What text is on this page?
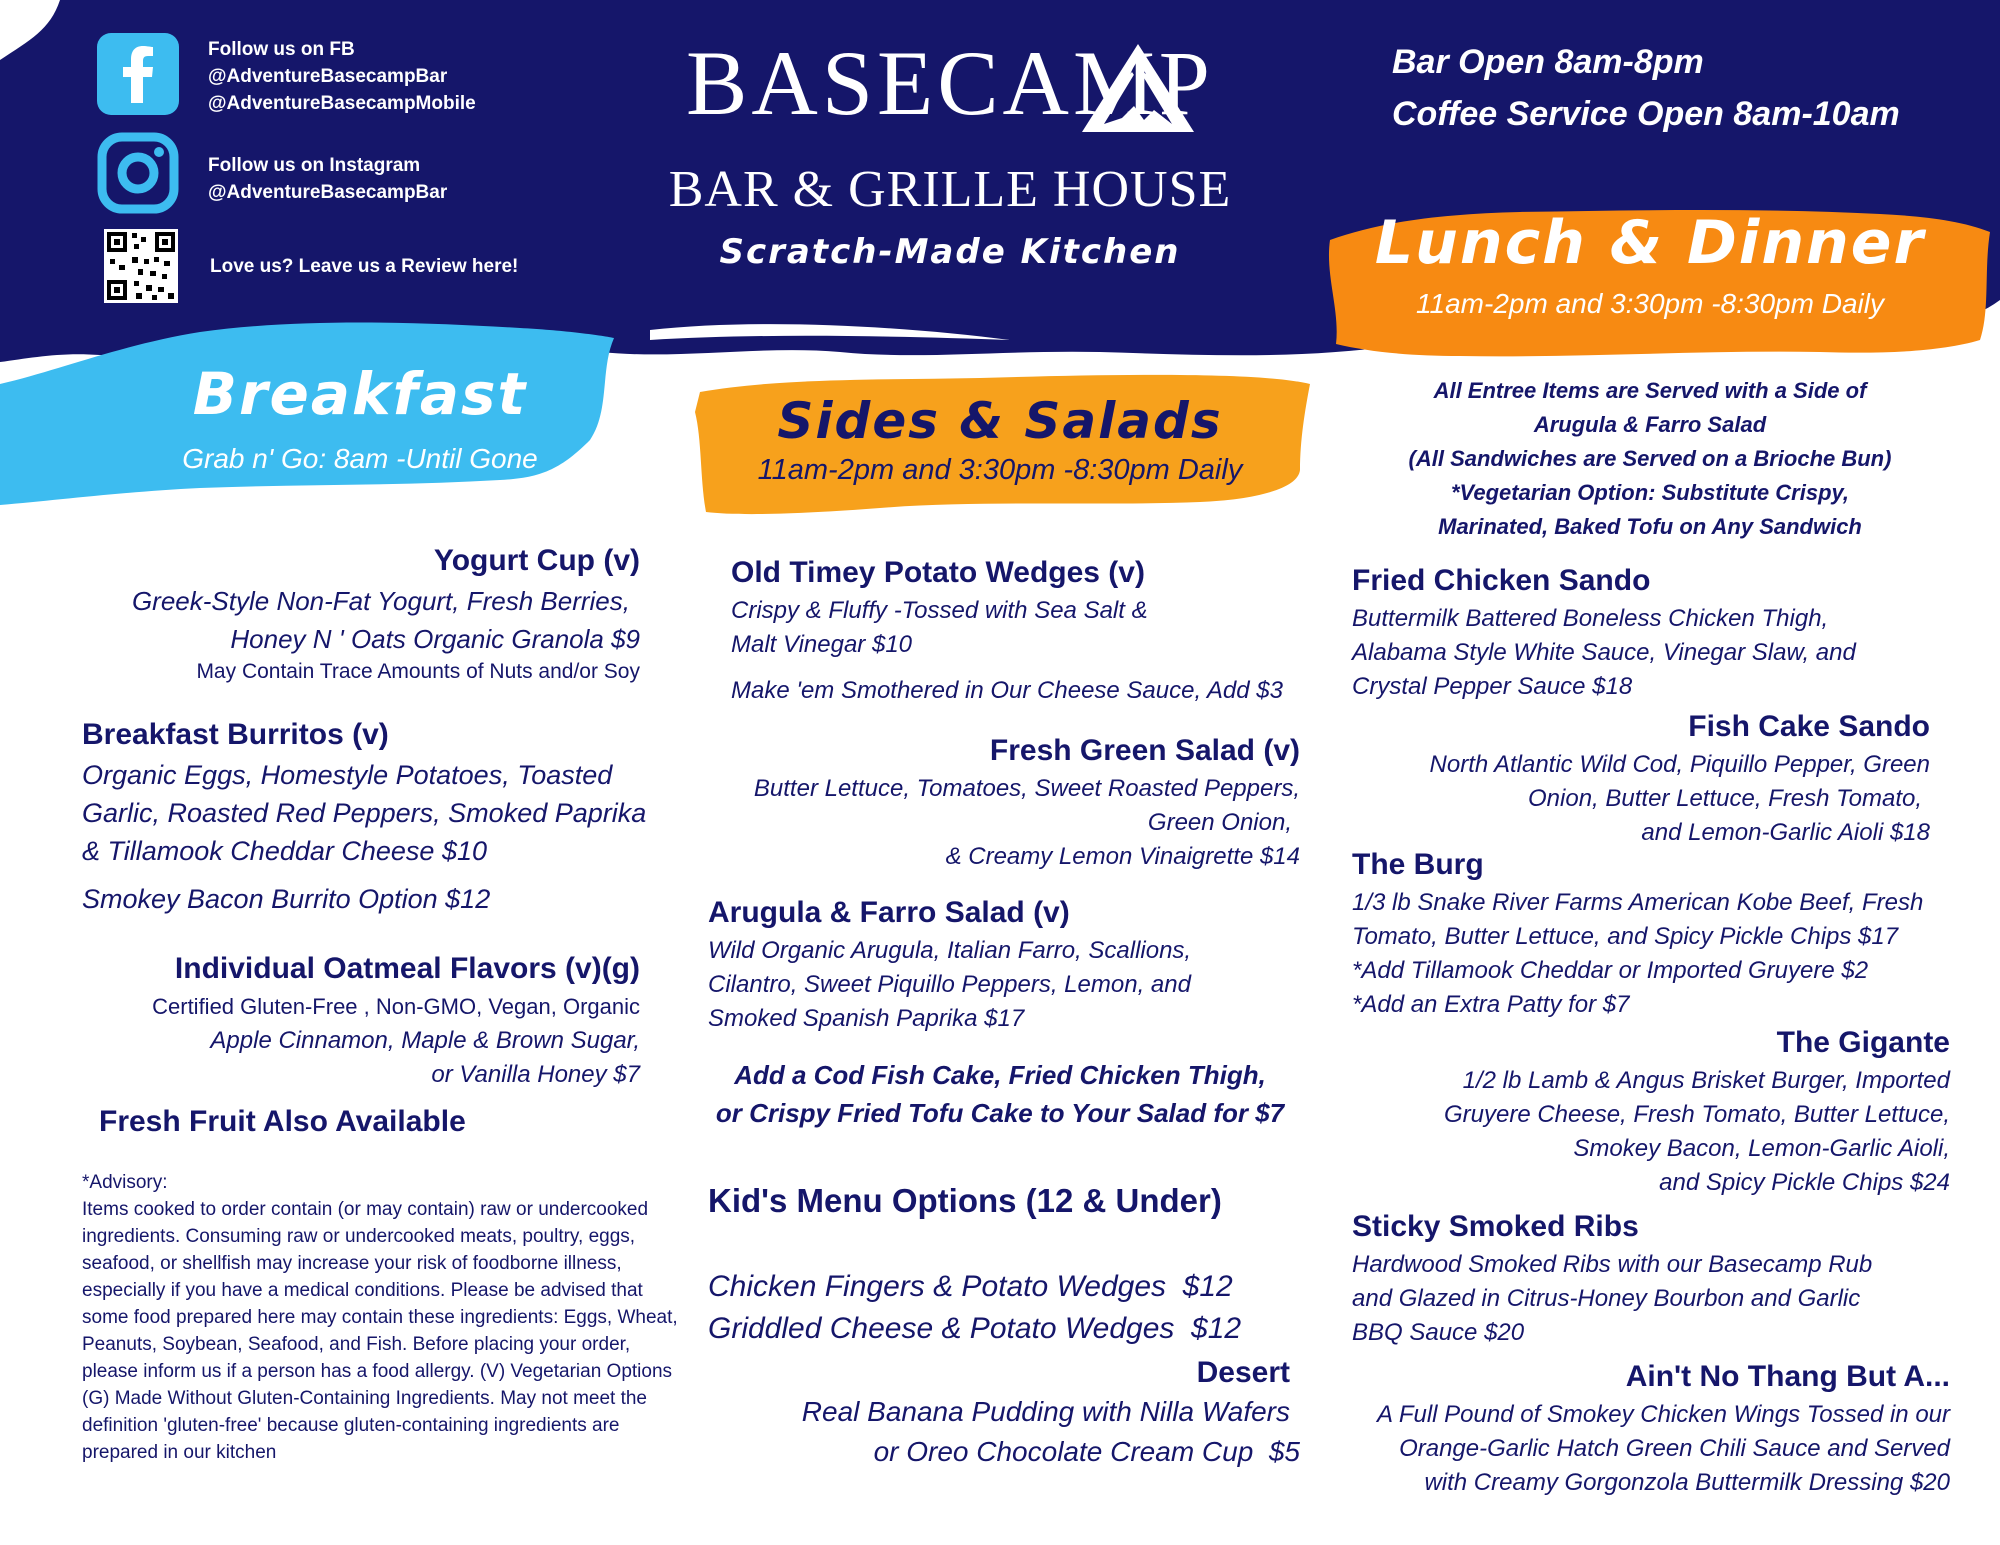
Follow us on FB
@AdventureBasecampBar
@AdventureBasecampMobile
Follow us on Instagram
@AdventureBasecampBar
Love us? Leave us a Review here!
BASECAMP
BAR & GRILLE HOUSE
Scratch-Made Kitchen
Bar Open 8am-8pm
Coffee Service Open 8am-10am
Lunch & Dinner
11am-2pm and 3:30pm -8:30pm Daily
Breakfast
Grab n' Go: 8am -Until Gone
Sides & Salads
11am-2pm and 3:30pm -8:30pm Daily
Yogurt Cup (v)
Greek-Style Non-Fat Yogurt, Fresh Berries,
Honey N ' Oats Organic Granola $9
May Contain Trace Amounts of Nuts and/or Soy
Breakfast Burritos (v)
Organic Eggs, Homestyle Potatoes, Toasted
Garlic, Roasted Red Peppers, Smoked Paprika
& Tillamook Cheddar Cheese $10
Smokey Bacon Burrito Option $12
Individual Oatmeal Flavors (v)(g)
Certified Gluten-Free , Non-GMO, Vegan, Organic
Apple Cinnamon, Maple & Brown Sugar,
or Vanilla Honey $7
Fresh Fruit Also Available
*Advisory:
Items cooked to order contain (or may contain) raw or undercooked ingredients. Consuming raw or undercooked meats, poultry, eggs, seafood, or shellfish may increase your risk of foodborne illness, especially if you have a medical conditions. Please be advised that some food prepared here may contain these ingredients: Eggs, Wheat, Peanuts, Soybean, Seafood, and Fish. Before placing your order, please inform us if a person has a food allergy. (V) Vegetarian Options (G) Made Without Gluten-Containing Ingredients. May not meet the definition 'gluten-free' because gluten-containing ingredients are prepared in our kitchen
Old Timey Potato Wedges (v)
Crispy & Fluffy -Tossed with Sea Salt &
Malt Vinegar $10
Make 'em Smothered in Our Cheese Sauce, Add $3
Fresh Green Salad (v)
Butter Lettuce, Tomatoes, Sweet Roasted Peppers,
Green Onion,
& Creamy Lemon Vinaigrette $14
Arugula & Farro Salad (v)
Wild Organic Arugula, Italian Farro, Scallions,
Cilantro, Sweet Piquillo Peppers, Lemon, and
Smoked Spanish Paprika $17
Add a Cod Fish Cake, Fried Chicken Thigh,
or Crispy Fried Tofu Cake to Your Salad for $7
Kid's Menu Options (12 & Under)
Chicken Fingers & Potato Wedges  $12
Griddled Cheese & Potato Wedges  $12
Desert
Real Banana Pudding with Nilla Wafers
or Oreo Chocolate Cream Cup  $5
All Entree Items are Served with a Side of
Arugula & Farro Salad
(All Sandwiches are Served on a Brioche Bun)
*Vegetarian Option: Substitute Crispy,
Marinated, Baked Tofu on Any Sandwich
Fried Chicken Sando
Buttermilk Battered Boneless Chicken Thigh,
Alabama Style White Sauce, Vinegar Slaw, and
Crystal Pepper Sauce $18
Fish Cake Sando
North Atlantic Wild Cod, Piquillo Pepper, Green
Onion, Butter Lettuce, Fresh Tomato,
and Lemon-Garlic Aioli $18
The Burg
1/3 lb Snake River Farms American Kobe Beef, Fresh
Tomato, Butter Lettuce, and Spicy Pickle Chips $17
*Add Tillamook Cheddar or Imported Gruyere $2
*Add an Extra Patty for $7
The Gigante
1/2 lb Lamb & Angus Brisket Burger, Imported
Gruyere Cheese, Fresh Tomato, Butter Lettuce,
Smokey Bacon, Lemon-Garlic Aioli,
and Spicy Pickle Chips $24
Sticky Smoked Ribs
Hardwood Smoked Ribs with our Basecamp Rub
and Glazed in Citrus-Honey Bourbon and Garlic
BBQ Sauce $20
Ain't No Thang But A...
A Full Pound of Smokey Chicken Wings Tossed in our
Orange-Garlic Hatch Green Chili Sauce and Served
with Creamy Gorgonzola Buttermilk Dressing $20
